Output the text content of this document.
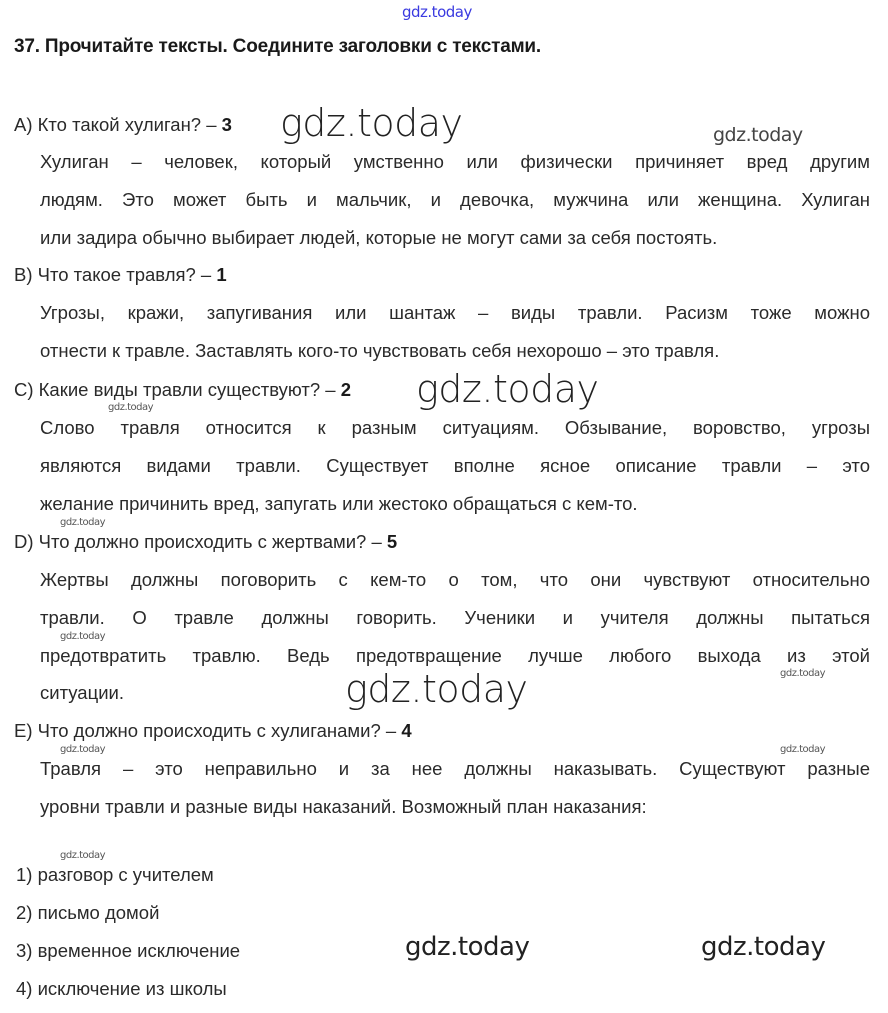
37. Прочитайте тексты. Соедините заголовки с текстами.
A) Кто такой хулиган? – 3
Хулиган – человек, который умственно или физически причиняет вред другим
людям. Это может быть и мальчик, и девочка, мужчина или женщина. Хулиган
или задира обычно выбирает людей, которые не могут сами за себя постоять.
B) Что такое травля? – 1
Угрозы, кражи, запугивания или шантаж – виды травли. Расизм тоже можно
отнести к травле. Заставлять кого-то чувствовать себя нехорошо – это травля.
C) Какие виды травли существуют? – 2
Слово травля относится к разным ситуациям. Обзывание, воровство, угрозы
являются видами травли. Существует вполне ясное описание травли – это
желание причинить вред, запугать или жестоко обращаться с кем-то.
D) Что должно происходить с жертвами? – 5
Жертвы должны поговорить с кем-то о том, что они чувствуют относительно
травли. О травле должны говорить. Ученики и учителя должны пытаться
предотвратить травлю. Ведь предотвращение лучше любого выхода из этой
ситуации.
E) Что должно происходить с хулиганами? – 4
Травля – это неправильно и за нее должны наказывать. Существуют разные
уровни травли и разные виды наказаний. Возможный план наказания:
1) разговор с учителем
2) письмо домой
3) временное исключение
4) исключение из школы
gdz.today
gdz.today	gdz.today
gdz.today
gdz.today
gdz.today
gdz.today
gdz.today
gdz.today
gdz.today	gdz.today
gdz.today
gdz.today	gdz.today
